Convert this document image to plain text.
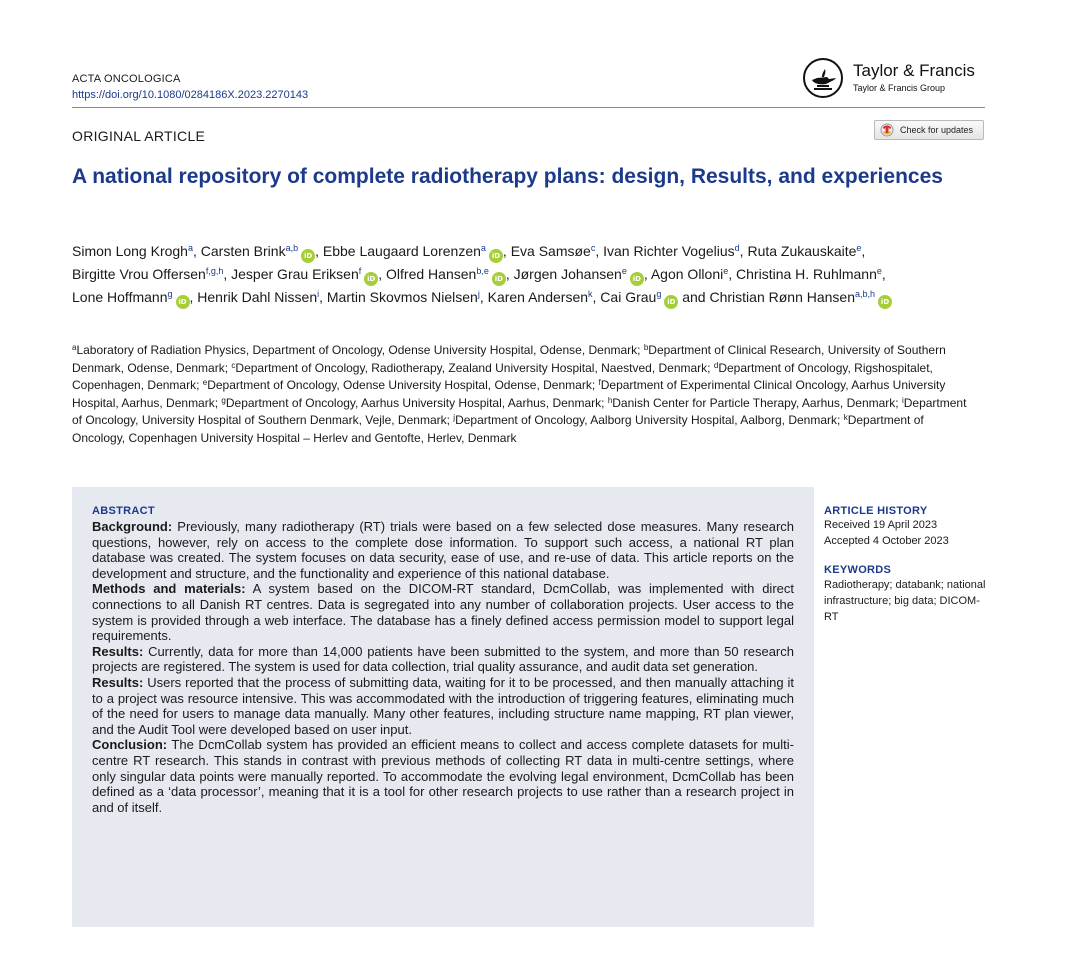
ACTA ONCOLOGICA
https://doi.org/10.1080/0284186X.2023.2270143
Taylor & Francis
Taylor & Francis Group
ORIGINAL ARTICLE	Check for updates
A national repository of complete radiotherapy plans: design, Results, and experiences
Simon Long Krogh$^a$, Carsten Brink$^{a,b}$iD , Ebbe Laugaard Lorenzen$^a$iD , Eva Samsøe$^c$, Ivan Richter Vogelius$^d$, Ruta Zukauskaite$^e$, Birgitte Vrou Offersen$^{f,g,h}$, Jesper Grau Eriksen$^f$iD , Olfred Hansen$^{b,e}$iD , Jørgen Johansen$^e$iD , Agon Olloni$^e$, Christina H. Ruhlmann$^e$, Lone Hoffmann$^g$iD , Henrik Dahl Nissen$^i$, Martin Skovmos Nielsen$^j$, Karen Andersen$^k$, Cai Grau$^g$iD and Christian Rønn Hansen$^{a,b,h}$iD

$^a$Laboratory of Radiation Physics, Department of Oncology, Odense University Hospital, Odense, Denmark; $^b$Department of Clinical Research, University of Southern Denmark, Odense, Denmark; $^c$Department of Oncology, Radiotherapy, Zealand University Hospital, Naestved, Denmark; $^d$Department of Oncology, Rigshospitalet, Copenhagen, Denmark; $^e$Department of Oncology, Odense University Hospital, Odense, Denmark; $^f$Department of Experimental Clinical Oncology, Aarhus University Hospital, Aarhus, Denmark; $^g$Department of Oncology, Aarhus University Hospital, Aarhus, Denmark; $^h$Danish Center for Particle Therapy, Aarhus, Denmark; $^i$Department of Oncology, University Hospital of Southern Denmark, Vejle, Denmark; $^j$Department of Oncology, Aalborg University Hospital, Aalborg, Denmark; $^k$Department of Oncology, Copenhagen University Hospital – Herlev and Gentofte, Herlev, Denmark

ABSTRACT

Background: Previously, many radiotherapy (RT) trials were based on a few selected dose measures. Many research questions, however, rely on access to the complete dose information. To support such access, a national RT plan database was created. The system focuses on data security, ease of use, and re-use of data. This article reports on the development and structure, and the functionality and experience of this national database.

Methods and materials: A system based on the DICOM-RT standard, DcmCollab, was implemented with direct connections to all Danish RT centres. Data is segregated into any number of collaboration projects. User access to the system is provided through a web interface. The database has a finely defined access permission model to support legal requirements.

Results: Currently, data for more than 14,000 patients have been submitted to the system, and more than 50 research projects are registered. The system is used for data collection, trial quality assurance, and audit data set generation.

Results: Users reported that the process of submitting data, waiting for it to be processed, and then manually attaching it to a project was resource intensive. This was accommodated with the introduction of triggering features, eliminating much of the need for users to manage data manually. Many other features, including structure name mapping, RT plan viewer, and the Audit Tool were developed based on user input.

Conclusion: The DcmCollab system has provided an efficient means to collect and access complete datasets for multi-centre RT research. This stands in contrast with previous methods of collecting RT data in multi-centre settings, where only singular data points were manually reported. To accommodate the evolving legal environment, DcmCollab has been defined as a ‘data processor’, meaning that it is a tool for other research projects to use rather than a research project in and of itself.

ARTICLE HISTORY
Received 19 April 2023
Accepted 4 October 2023
KEYWORDS
Radiotherapy; databank; national infrastructure; big data; DICOM-RT
